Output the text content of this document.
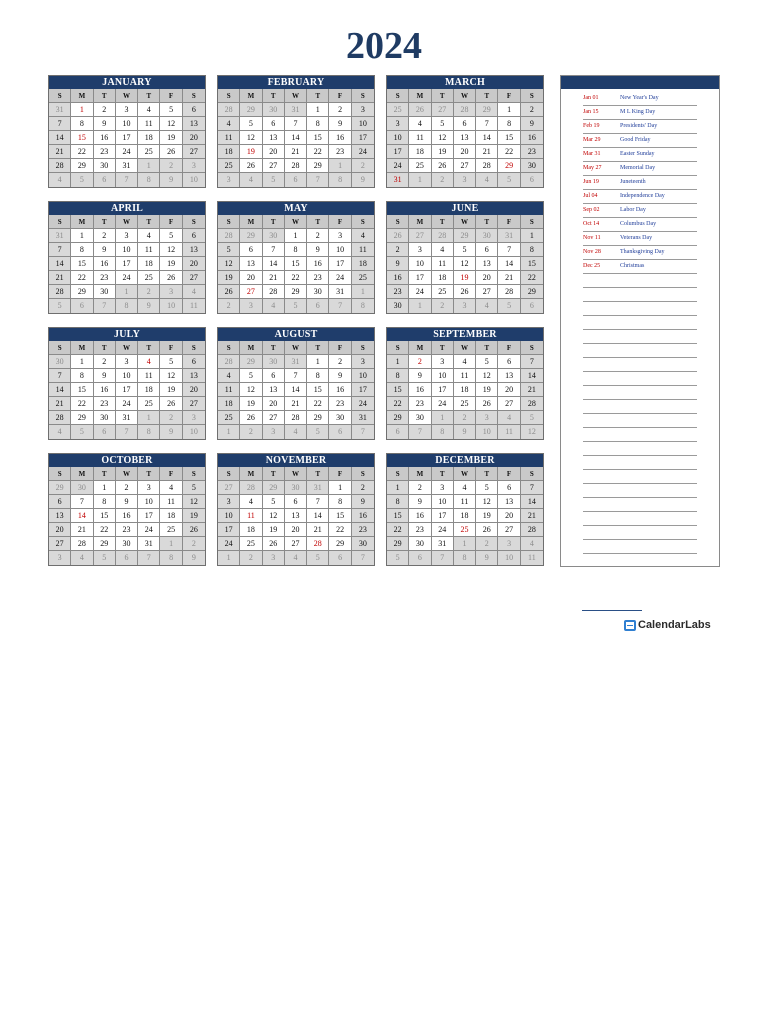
2024
JANUARY
S	M	T	W	T	F	S
31	1	2	3	4	5	6
7	8	9	10	11	12	13
14	15	16	17	18	19	20
21	22	23	24	25	26	27
28	29	30	31	1	2	3
4	5	6	7	8	9	10
FEBRUARY
S	M	T	W	T	F	S
28	29	30	31	1	2	3
4	5	6	7	8	9	10
11	12	13	14	15	16	17
18	19	20	21	22	23	24
25	26	27	28	29	1	2
3	4	5	6	7	8	9
MARCH
S	M	T	W	T	F	S
25	26	27	28	29	1	2
3	4	5	6	7	8	9
10	11	12	13	14	15	16
17	18	19	20	21	22	23
24	25	26	27	28	29	30
31	1	2	3	4	5	6
APRIL
S	M	T	W	T	F	S
31	1	2	3	4	5	6
7	8	9	10	11	12	13
14	15	16	17	18	19	20
21	22	23	24	25	26	27
28	29	30	1	2	3	4
5	6	7	8	9	10	11
MAY
S	M	T	W	T	F	S
28	29	30	1	2	3	4
5	6	7	8	9	10	11
12	13	14	15	16	17	18
19	20	21	22	23	24	25
26	27	28	29	30	31	1
2	3	4	5	6	7	8
JUNE
S	M	T	W	T	F	S
26	27	28	29	30	31	1
2	3	4	5	6	7	8
9	10	11	12	13	14	15
16	17	18	19	20	21	22
23	24	25	26	27	28	29
30	1	2	3	4	5	6
JULY
S	M	T	W	T	F	S
30	1	2	3	4	5	6
7	8	9	10	11	12	13
14	15	16	17	18	19	20
21	22	23	24	25	26	27
28	29	30	31	1	2	3
4	5	6	7	8	9	10
AUGUST
S	M	T	W	T	F	S
28	29	30	31	1	2	3
4	5	6	7	8	9	10
11	12	13	14	15	16	17
18	19	20	21	22	23	24
25	26	27	28	29	30	31
1	2	3	4	5	6	7
SEPTEMBER
S	M	T	W	T	F	S
1	2	3	4	5	6	7
8	9	10	11	12	13	14
15	16	17	18	19	20	21
22	23	24	25	26	27	28
29	30	1	2	3	4	5
6	7	8	9	10	11	12
OCTOBER
S	M	T	W	T	F	S
29	30	1	2	3	4	5
6	7	8	9	10	11	12
13	14	15	16	17	18	19
20	21	22	23	24	25	26
27	28	29	30	31	1	2
3	4	5	6	7	8	9
NOVEMBER
S	M	T	W	T	F	S
27	28	29	30	31	1	2
3	4	5	6	7	8	9
10	11	12	13	14	15	16
17	18	19	20	21	22	23
24	25	26	27	28	29	30
1	2	3	4	5	6	7
DECEMBER
S	M	T	W	T	F	S
1	2	3	4	5	6	7
8	9	10	11	12	13	14
15	16	17	18	19	20	21
22	23	24	25	26	27	28
29	30	31	1	2	3	4
5	6	7	8	9	10	11
Jan 01	New Year's Day
Jan 15	M L King Day
Feb 19	Presidents' Day
Mar 29	Good Friday
Mar 31	Easter Sunday
May 27	Memorial Day
Jun 19	Juneteenth
Jul 04	Independence Day
Sep 02	Labor Day
Oct 14	Columbus Day
Nov 11	Veterans Day
Nov 28	Thanksgiving Day
Dec 25	Christmas
CalendarLabs
